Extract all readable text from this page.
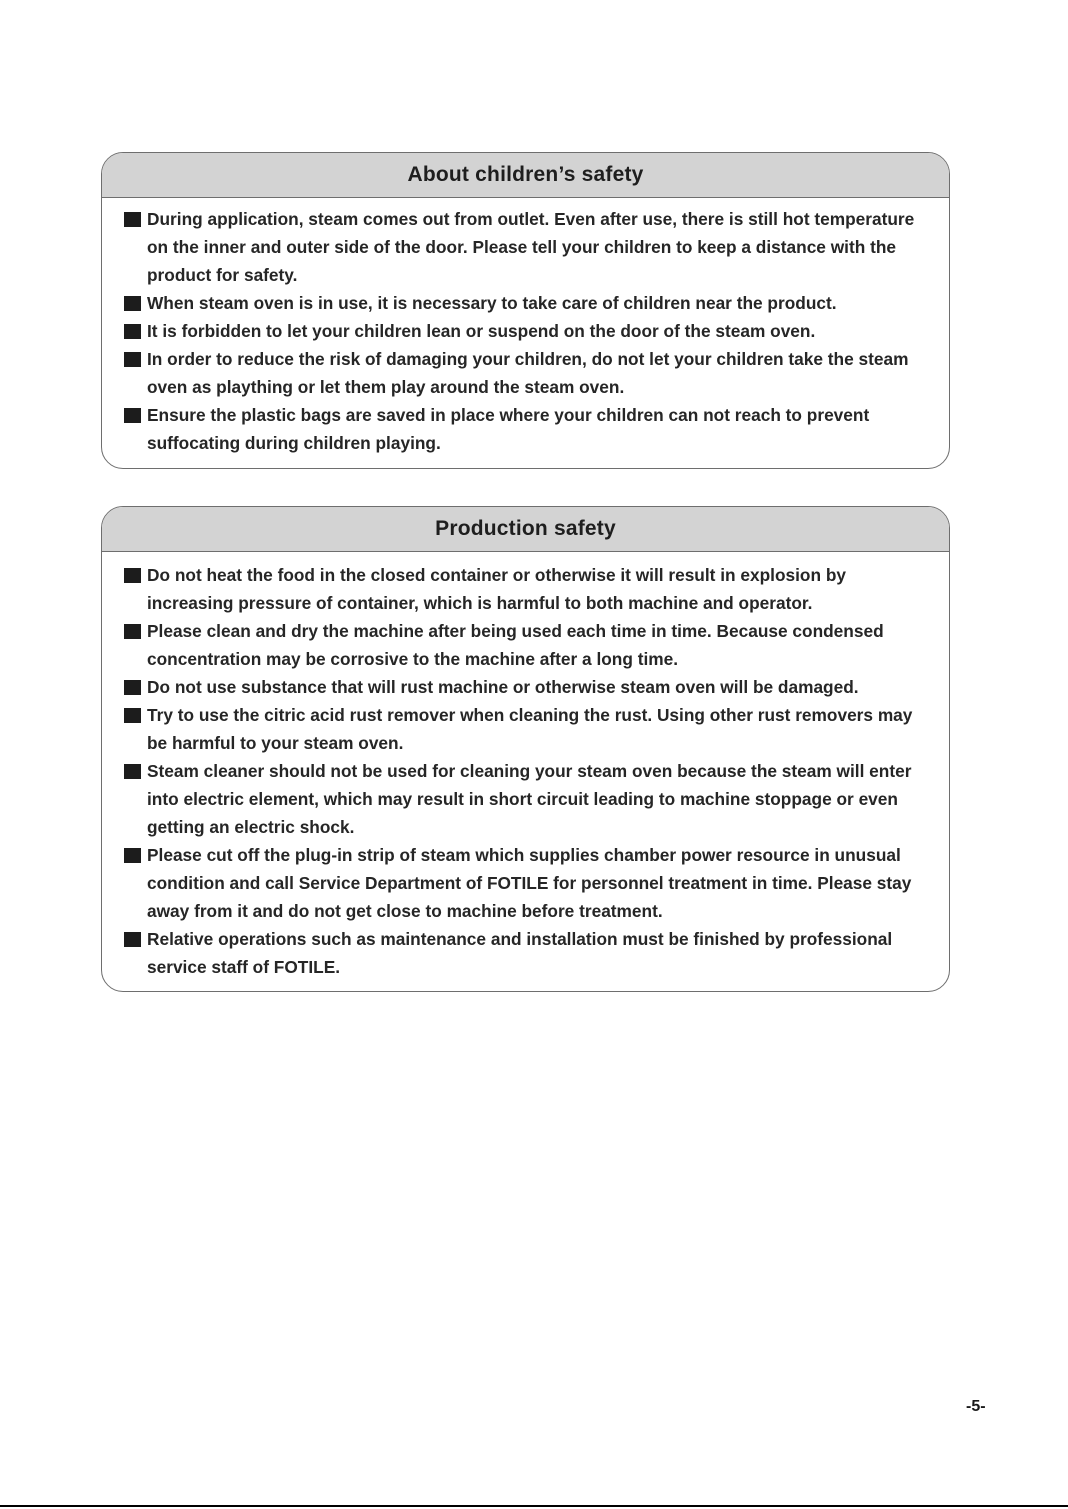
About children’s safety
During application, steam comes out from outlet. Even after use, there is still hot temperature on the inner and outer side of the door. Please tell your children to keep a distance with the product for safety.
When steam oven is in use, it is necessary to take care of children near the product.
It is forbidden to let your children lean or suspend on the door of the steam oven.
In order to reduce the risk of damaging your children, do not let your children take the steam oven as plaything or let them play around the steam oven.
Ensure the plastic bags are saved in place where your children can not reach to prevent suffocating during children playing.
Production safety
Do not heat the food in the closed container or otherwise it will result in explosion by increasing pressure of container, which is harmful to both machine and operator.
Please clean and dry the machine after being used each time in time. Because condensed concentration may be corrosive to the machine after a long time.
Do not use substance that will rust machine or otherwise steam oven will be damaged.
Try to use the citric acid rust remover when cleaning the rust. Using other rust removers may be harmful to your steam oven.
Steam cleaner should not be used for cleaning your steam oven because the steam will enter into electric element, which may result in short circuit leading to machine stoppage or even getting an electric shock.
Please cut off the plug-in strip of steam which supplies chamber power resource in unusual condition and call Service Department of FOTILE for personnel treatment in time. Please stay away from it and do not get close to machine before treatment.
Relative operations such as maintenance and installation must be finished by professional service staff of FOTILE.
-5-
